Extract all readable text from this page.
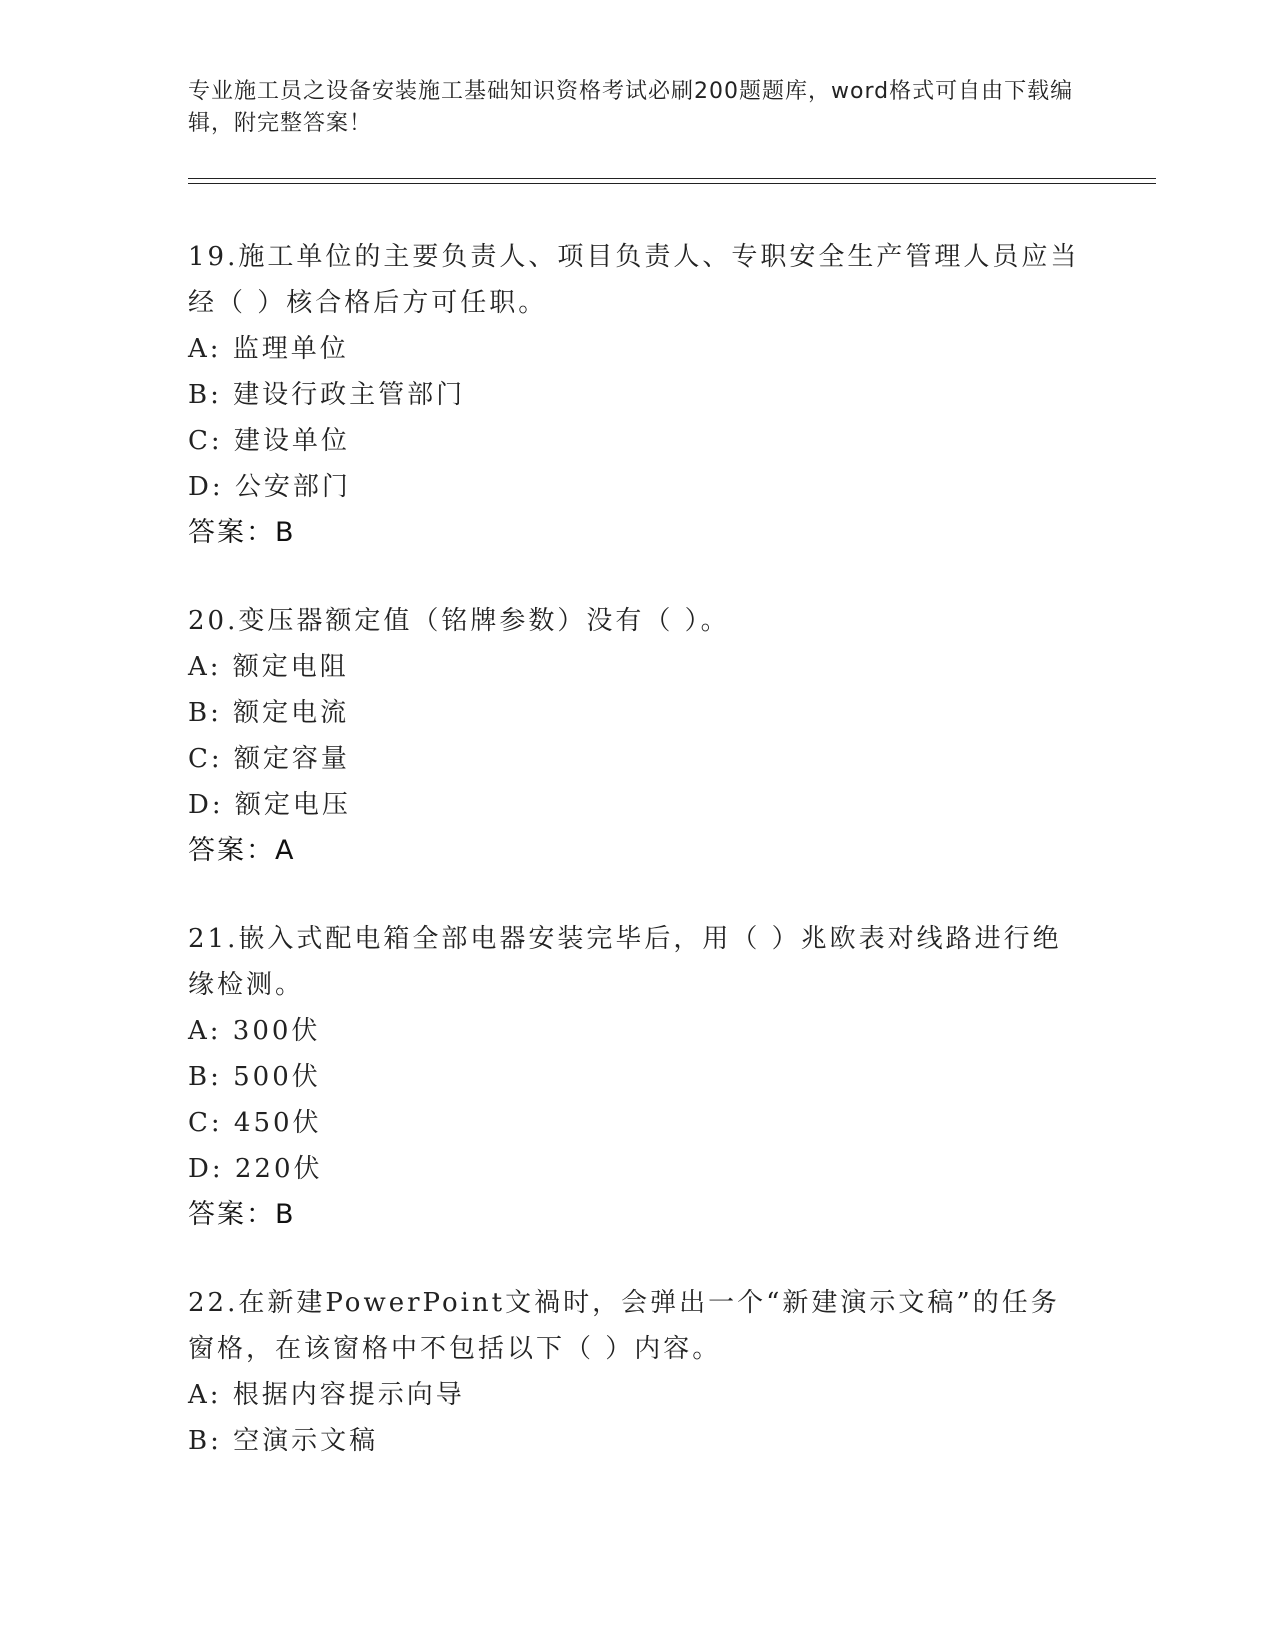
专业施工员之设备安装施工基础知识资格考试必刷200题题库，word格式可自由下载编辑，附完整答案！
19.施工单位的主要负责人、项目负责人、专职安全生产管理人员应当经（ ）核合格后方可任职。
A: 监理单位
B: 建设行政主管部门
C: 建设单位
D: 公安部门
答案：B
20.变压器额定值（铭牌参数）没有（ ）。
A: 额定电阻
B: 额定电流
C: 额定容量
D: 额定电压
答案：A
21.嵌入式配电箱全部电器安装完毕后，用（ ）兆欧表对线路进行绝缘检测。
A: 300伏
B: 500伏
C: 450伏
D: 220伏
答案：B
22.在新建PowerPoint文禍时，会弹出一个“新建演示文稿”的任务窗格，在该窗格中不包括以下（ ）内容。
A: 根据内容提示向导
B: 空演示文稿
